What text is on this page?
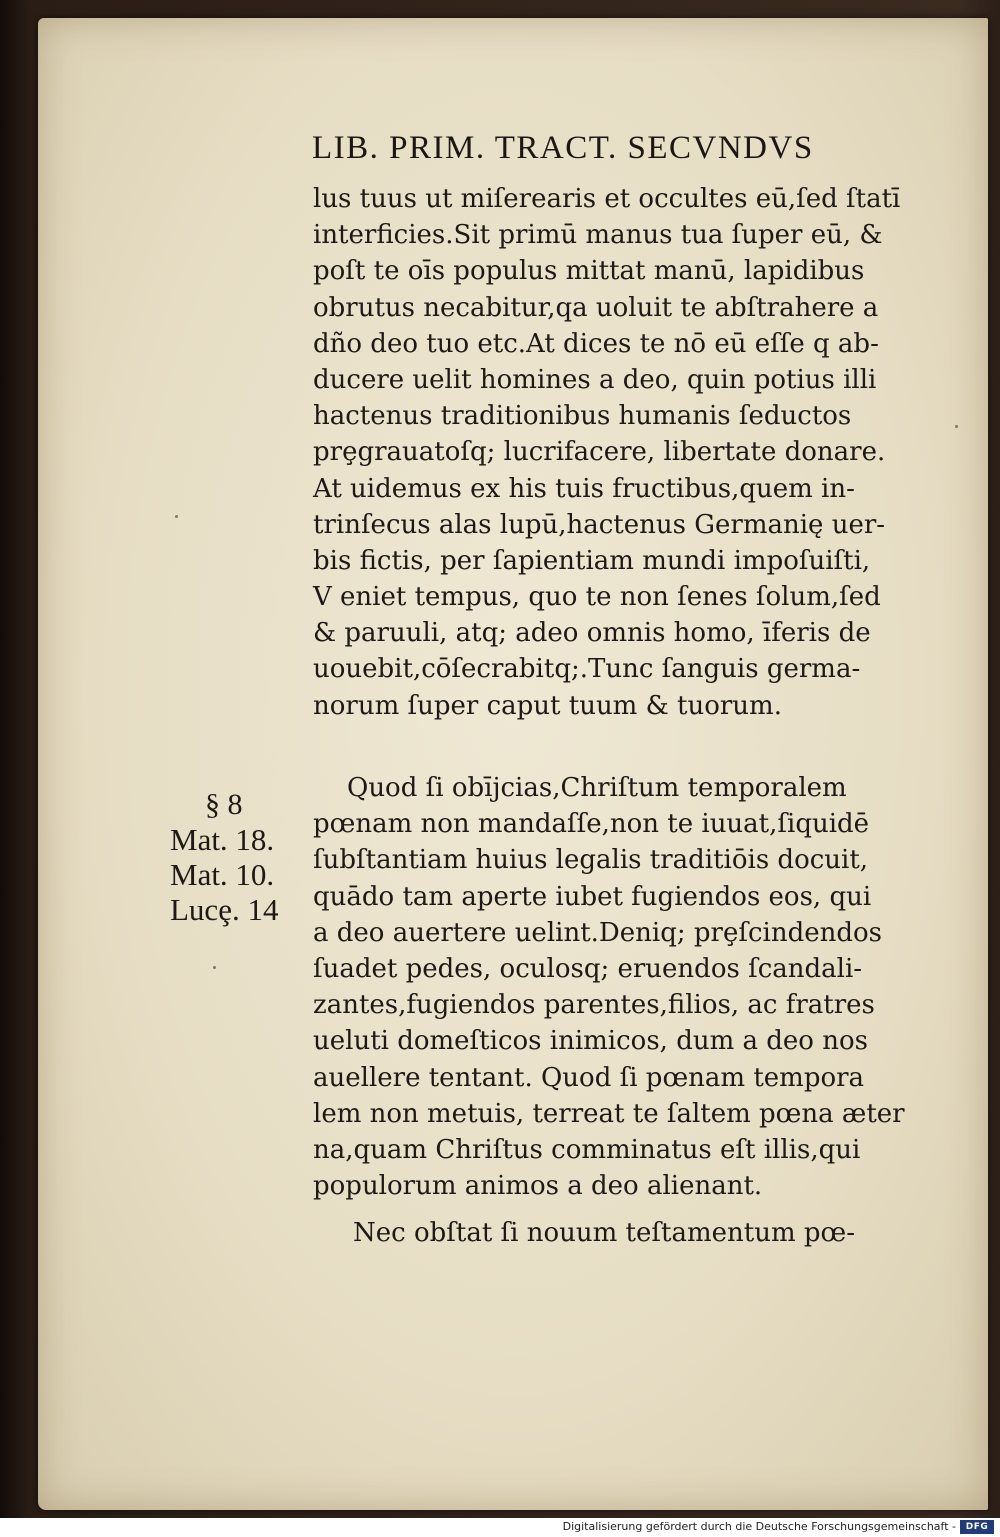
LIB. PRIM. TRACT. SECVNDVS
lus tuus ut miſerearis et occultes eū,ſed ſtatī
interficies.Sit primū manus tua ſuper eū, &
poſt te oīs populus mittat manū, lapidibus
obrutus necabitur,qa uoluit te abſtrahere a
dño deo tuo etc.At dices te nō eū eſſe q ab-
ducere uelit homines a deo, quin potius illi
hactenus traditionibus humanis ſeductos
prȩgrauatoſq; lucrifacere, libertate donare.
At uidemus ex his tuis fructibus,quem in-
trinſecus alas lupū,hactenus Germanię uer-
bis fictis, per ſapientiam mundi impoſuiſti,
V eniet tempus, quo te non ſenes ſolum,ſed
& paruuli, atq; adeo omnis homo, īferis de
uouebit,cōſecrabitq;.Tunc ſanguis germa-
norum ſuper caput tuum & tuorum.
§ 8
Mat. 18.
Mat. 10.
Lucȩ. 14
Quod ſi obījcias,Chriſtum temporalem
pœnam non mandaſſe,non te iuuat,ſiquidē
ſubſtantiam huius legalis traditiōis docuit,
quādo tam aperte iubet fugiendos eos, qui
a deo auertere uelint.Deniq; prȩſcindendos
ſuadet pedes, oculosq; eruendos ſcandali-
zantes,fugiendos parentes,filios, ac fratres
ueluti domeſticos inimicos, dum a deo nos
auellere tentant. Quod ſi pœnam tempora
lem non metuis, terreat te ſaltem pœna æter
na,quam Chriſtus comminatus eſt illis,qui
populorum animos a deo alienant.
Nec obſtat ſi nouum teſtamentum pœ-
Digitalisierung gefördert durch die Deutsche Forschungsgemeinschaft -	DFG
